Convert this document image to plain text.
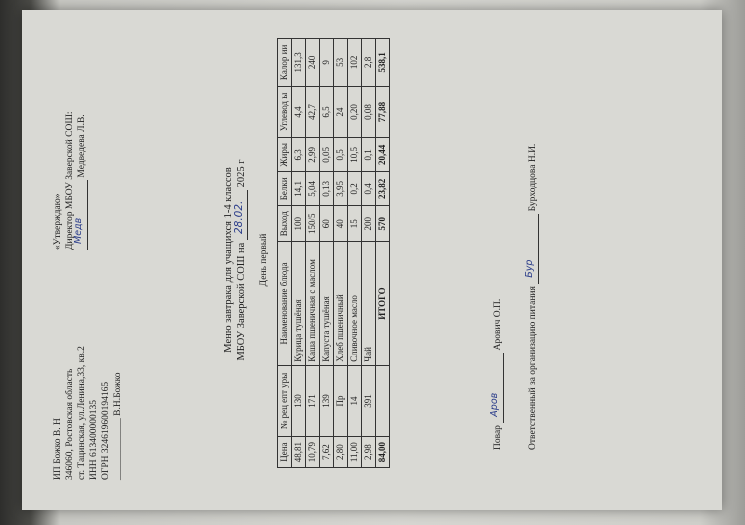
ИП Божко В. Н 346060, Ростовская область ст. Тацинская, ул.Ленина,33, кв.2 ИНН 613400000135 ОГРН 324619600194165 _____________ В.Н.Божко
«Утверждаю» Директор МБОУ Заверской СОШ:
Медв
Медведева Л.В.
Меню завтрака для учащихся 1-4 классов МБОУ Заверской СОШ на
28.02.
2025 г
День первый
Цена	№ рец епт уры	Наименование блюда	Выход	Белки	Жиры	Углевод ы	Калор ии
48,81	130	Курица тушёная	100	14,1	6,3	4,4	131,3
10,79	171	Каша пшеничная с маслом	150/5	5,04	2,99	42,7	240
7,62	139	Капуста тушёная	60	0,13	0,05	6,5	9
2,80	Пр	Хлеб пшеничный	40	3,95	0,5	24	53
11,00	14	Сливочное масло	15	0,2	10,5	0,20	102
2,98	391	Чай	200	0,4	0,1	0,08	2,8
84,00		ИТОГО	570	23,82	20,44	77,88	538,1
Повар
Аров
Арович О.П.	Ответственный за организацию питания
Бур
Бурходцова Н.И.
